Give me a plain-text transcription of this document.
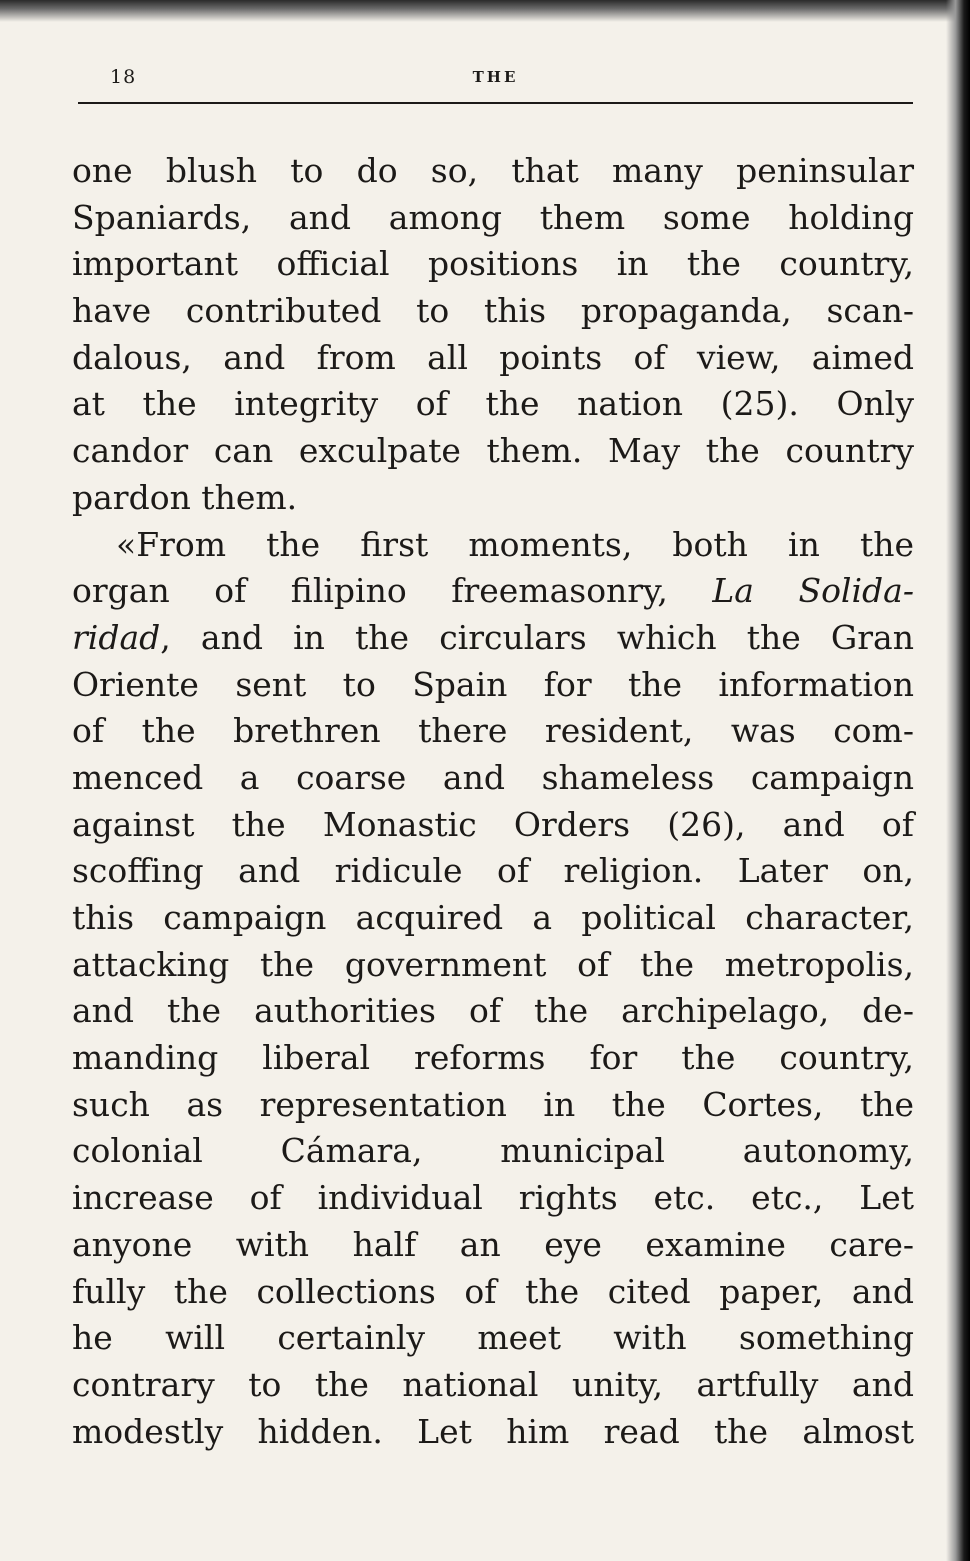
18	THE
one blush to do so, that many peninsular
Spaniards, and among them some holding
important official positions in the country,
have contributed to this propaganda, scan-
dalous, and from all points of view, aimed
at the integrity of the nation (25). Only
candor can exculpate them. May the country
pardon them.
«From the first moments, both in the
organ of filipino freemasonry, La Solida-
ridad, and in the circulars which the Gran
Oriente sent to Spain for the information
of the brethren there resident, was com-
menced a coarse and shameless campaign
against the Monastic Orders (26), and of
scoffing and ridicule of religion. Later on,
this campaign acquired a political character,
attacking the government of the metropolis,
and the authorities of the archipelago, de-
manding liberal reforms for the country,
such as representation in the Cortes, the
colonial Cámara, municipal autonomy,
increase of individual rights etc. etc., Let
anyone with half an eye examine care-
fully the collections of the cited paper, and
he will certainly meet with something
contrary to the national unity, artfully and
modestly hidden. Let him read the almost
